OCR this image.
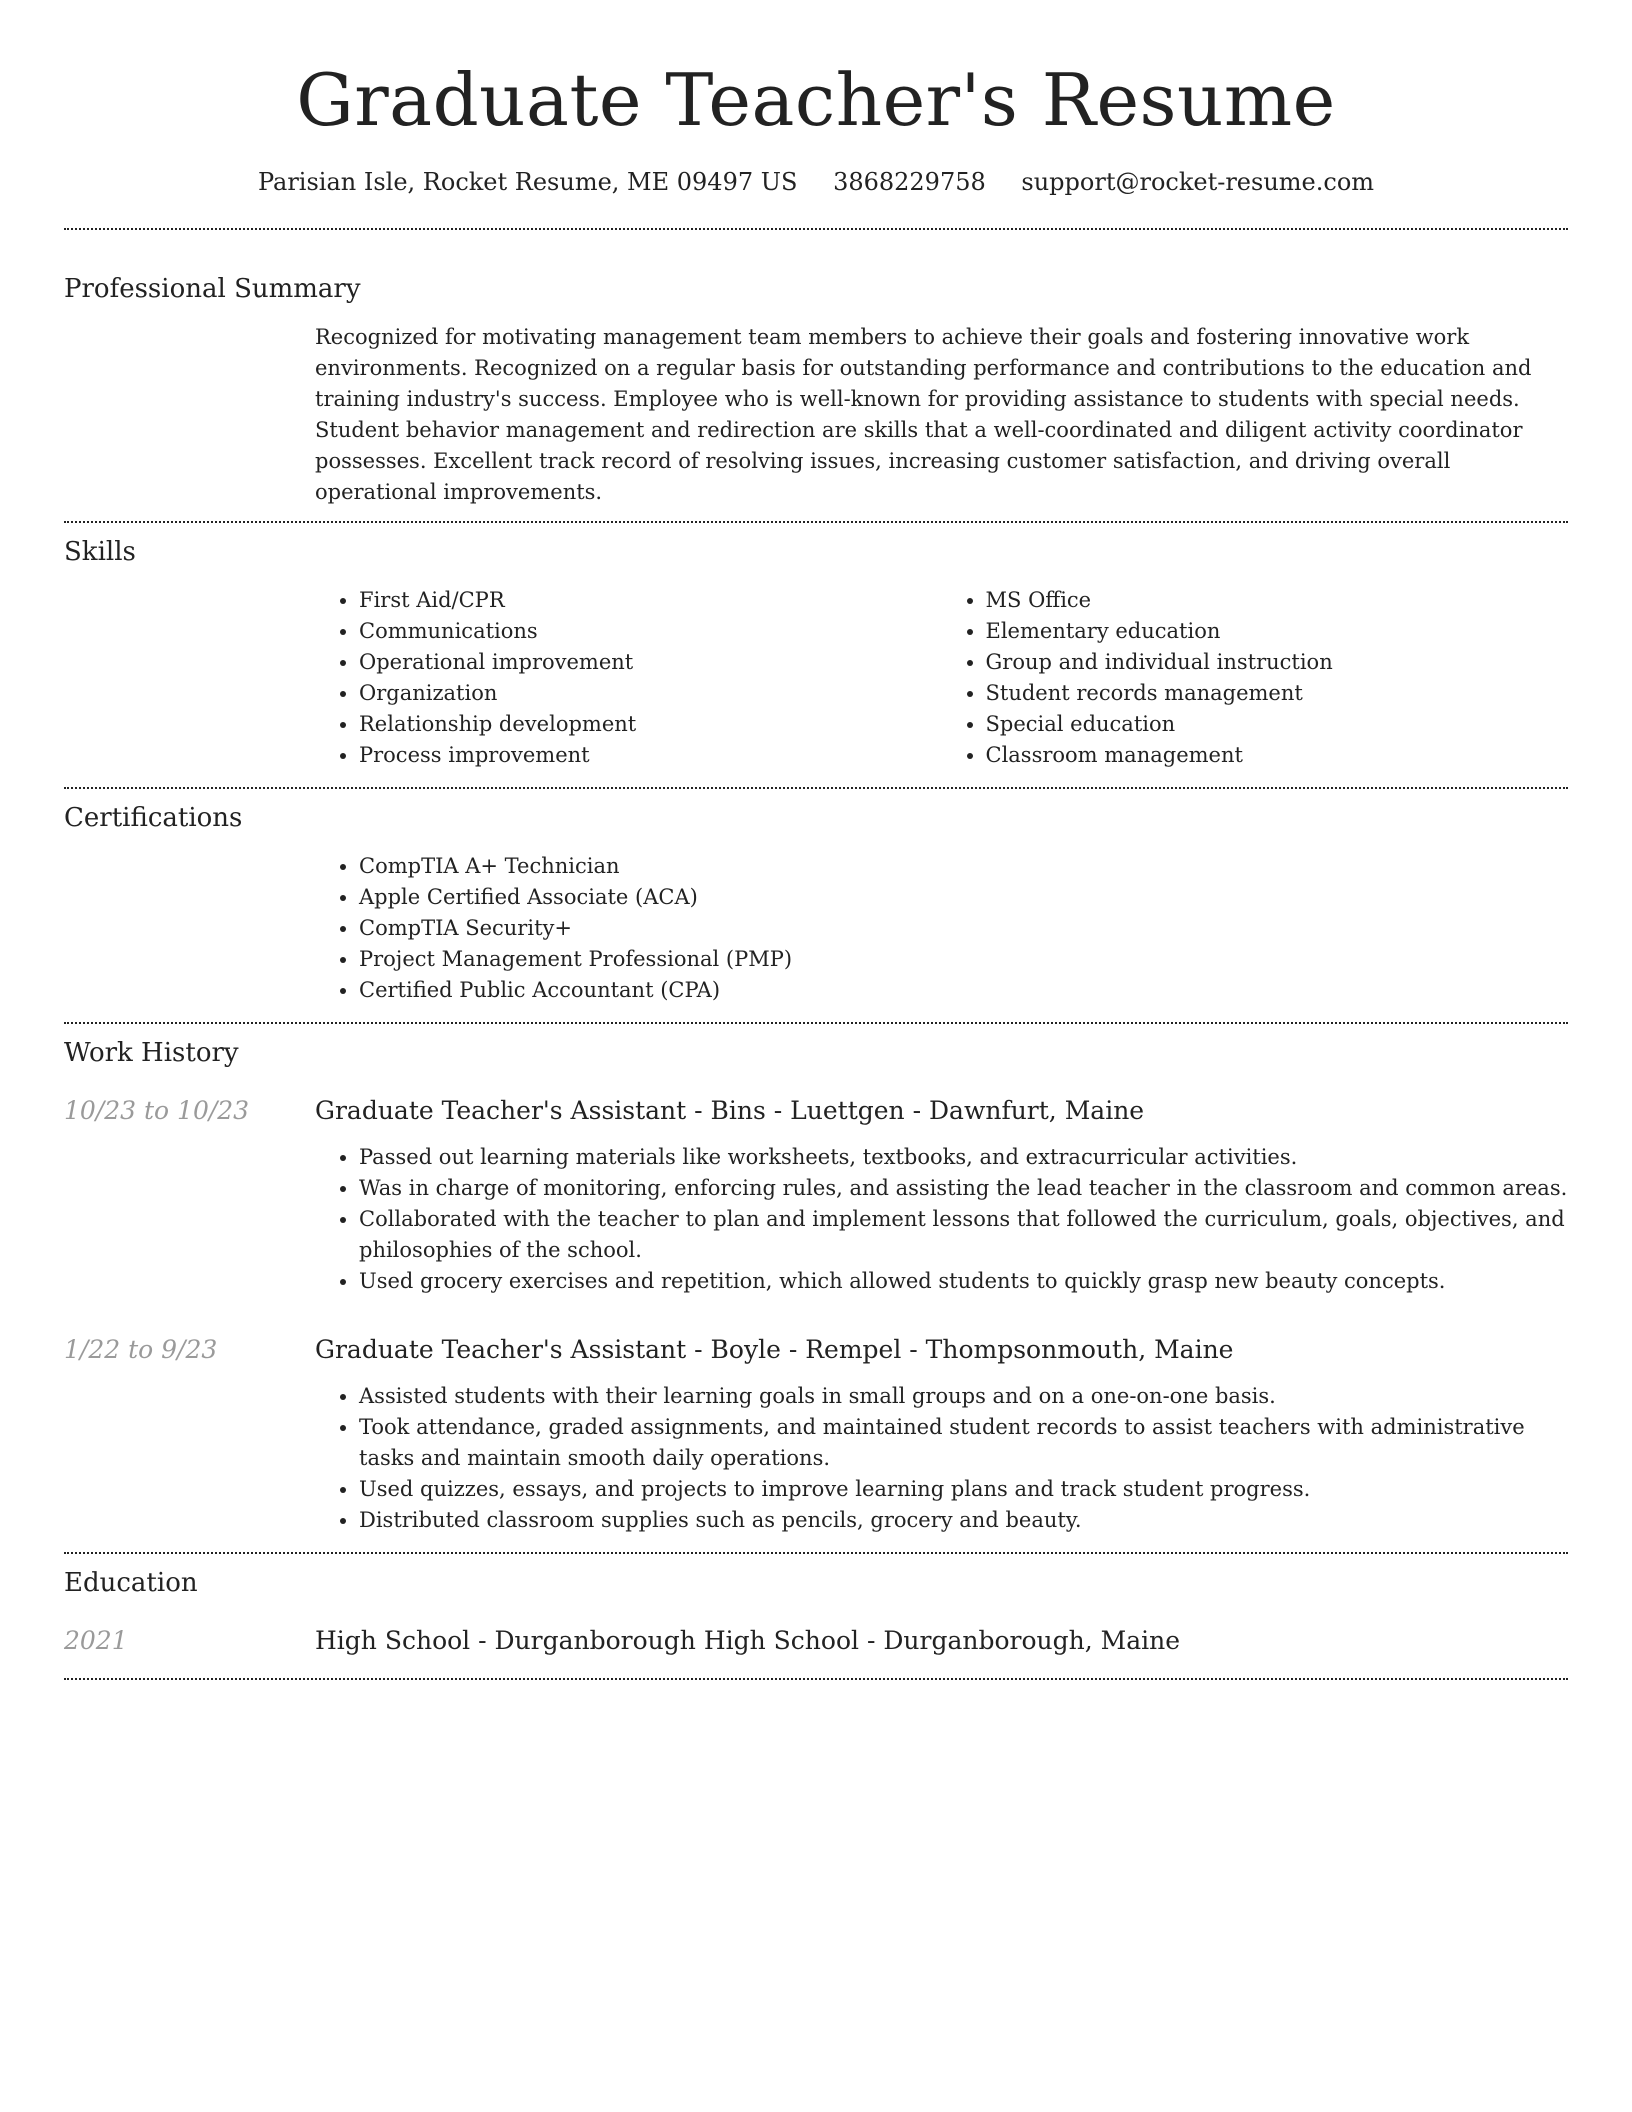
Graduate Teacher's Resume
Parisian Isle, Rocket Resume, ME 09497 US 3868229758 support@rocket-resume.com
Professional Summary
Recognized for motivating management team members to achieve their goals and fostering innovative work environments. Recognized on a regular basis for outstanding performance and contributions to the education and training industry's success. Employee who is well-known for providing assistance to students with special needs. Student behavior management and redirection are skills that a well-coordinated and diligent activity coordinator possesses. Excellent track record of resolving issues, increasing customer satisfaction, and driving overall operational improvements.
Skills
• First Aid/CPR
• Communications
• Operational improvement
• Organization
• Relationship development
• Process improvement
• MS Office
• Elementary education
• Group and individual instruction
• Student records management
• Special education
• Classroom management
Certifications
• CompTIA A+ Technician
• Apple Certified Associate (ACA)
• CompTIA Security+
• Project Management Professional (PMP)
• Certified Public Accountant (CPA)
Work History
10/23 to 10/23	Graduate Teacher's Assistant - Bins - Luettgen - Dawnfurt, Maine
• Passed out learning materials like worksheets, textbooks, and extracurricular activities.
• Was in charge of monitoring, enforcing rules, and assisting the lead teacher in the classroom and common areas.
• Collaborated with the teacher to plan and implement lessons that followed the curriculum, goals, objectives, and philosophies of the school.
• Used grocery exercises and repetition, which allowed students to quickly grasp new beauty concepts.
1/22 to 9/23	Graduate Teacher's Assistant - Boyle - Rempel - Thompsonmouth, Maine
• Assisted students with their learning goals in small groups and on a one-on-one basis.
• Took attendance, graded assignments, and maintained student records to assist teachers with administrative tasks and maintain smooth daily operations.
• Used quizzes, essays, and projects to improve learning plans and track student progress.
• Distributed classroom supplies such as pencils, grocery and beauty.
Education
2021	High School - Durganborough High School - Durganborough, Maine
